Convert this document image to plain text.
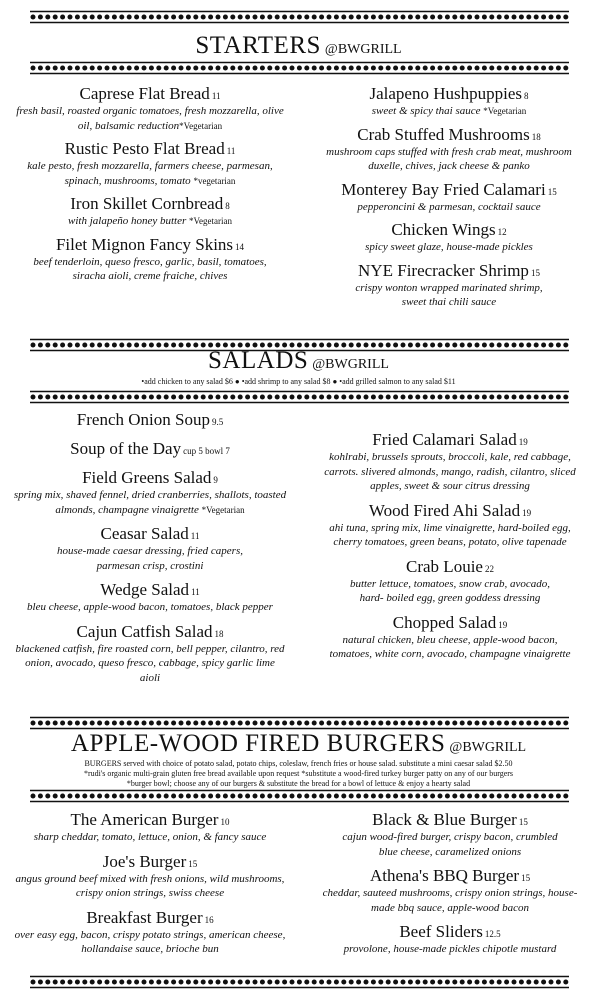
STARTERS @BWGRILL
Caprese Flat Bread 11
fresh basil, roasted organic tomatoes, fresh mozzarella, olive oil, balsamic reduction*Vegetarian
Rustic Pesto Flat Bread 11
kale pesto, fresh mozzarella, farmers cheese, parmesan, spinach, mushrooms, tomato *vegetarian
Iron Skillet Cornbread 8
with jalapeño honey butter *Vegetarian
Filet Mignon Fancy Skins 14
beef tenderloin, queso fresco, garlic, basil, tomatoes, siracha aioli, creme fraiche, chives
Jalapeno Hushpuppies 8
sweet & spicy thai sauce *Vegetarian
Crab Stuffed Mushrooms 18
mushroom caps stuffed with fresh crab meat, mushroom duxelle, chives, jack cheese & panko
Monterey Bay Fried Calamari 15
pepperoncini & parmesan, cocktail sauce
Chicken Wings 12
spicy sweet glaze, house-made pickles
NYE Firecracker Shrimp 15
crispy wonton wrapped marinated shrimp, sweet thai chili sauce
SALADS @BWGRILL
•add chicken to any salad $6 ● •add shrimp to any salad $8 ● •add grilled salmon to any salad $11
French Onion Soup 9.5
Soup of the Day cup 5 bowl 7
Field Greens Salad 9
spring mix, shaved fennel, dried cranberries, shallots, toasted almonds, champagne vinaigrette *Vegetarian
Ceasar Salad 11
house-made caesar dressing, fried capers, parmesan crisp, crostini
Wedge Salad 11
bleu cheese, apple-wood bacon, tomatoes, black pepper
Cajun Catfish Salad 18
blackened catfish, fire roasted corn, bell pepper, cilantro, red onion, avocado, queso fresco, cabbage, spicy garlic lime aioli
Fried Calamari Salad 19
kohlrabi, brussels sprouts, broccoli, kale, red cabbage, carrots. slivered almonds, mango, radish, cilantro, sliced apples, sweet & sour citrus dressing
Wood Fired Ahi Salad 19
ahi tuna, spring mix, lime vinaigrette, hard-boiled egg, cherry tomatoes, green beans, potato, olive tapenade
Crab Louie 22
butter lettuce, tomatoes, snow crab, avocado, hard- boiled egg, green goddess dressing
Chopped Salad 19
natural chicken, bleu cheese, apple-wood bacon, tomatoes, white corn, avocado, champagne vinaigrette
APPLE-WOOD FIRED BURGERS @BWGRILL
BURGERS served with choice of potato salad, potato chips, coleslaw, french fries or house salad. substitute a mini caesar salad $2.50
*rudi's organic multi-grain gluten free bread available upon request *substitute a wood-fired turkey burger patty on any of our burgers
*burger bowl; choose any of our burgers & substitute the bread for a bowl of lettuce & enjoy a hearty salad
The American Burger 10
sharp cheddar, tomato, lettuce, onion, & fancy sauce
Joe's Burger 15
angus ground beef mixed with fresh onions, wild mushrooms, crispy onion strings, swiss cheese
Breakfast Burger 16
over easy egg, bacon, crispy potato strings, american cheese, hollandaise sauce, brioche bun
Black & Blue Burger 15
cajun wood-fired burger, crispy bacon, crumbled blue cheese, caramelized onions
Athena's BBQ Burger 15
cheddar, sauteed mushrooms, crispy onion strings, house- made bbq sauce, apple-wood bacon
Beef Sliders 12.5
provolone, house-made pickles chipotle mustard
